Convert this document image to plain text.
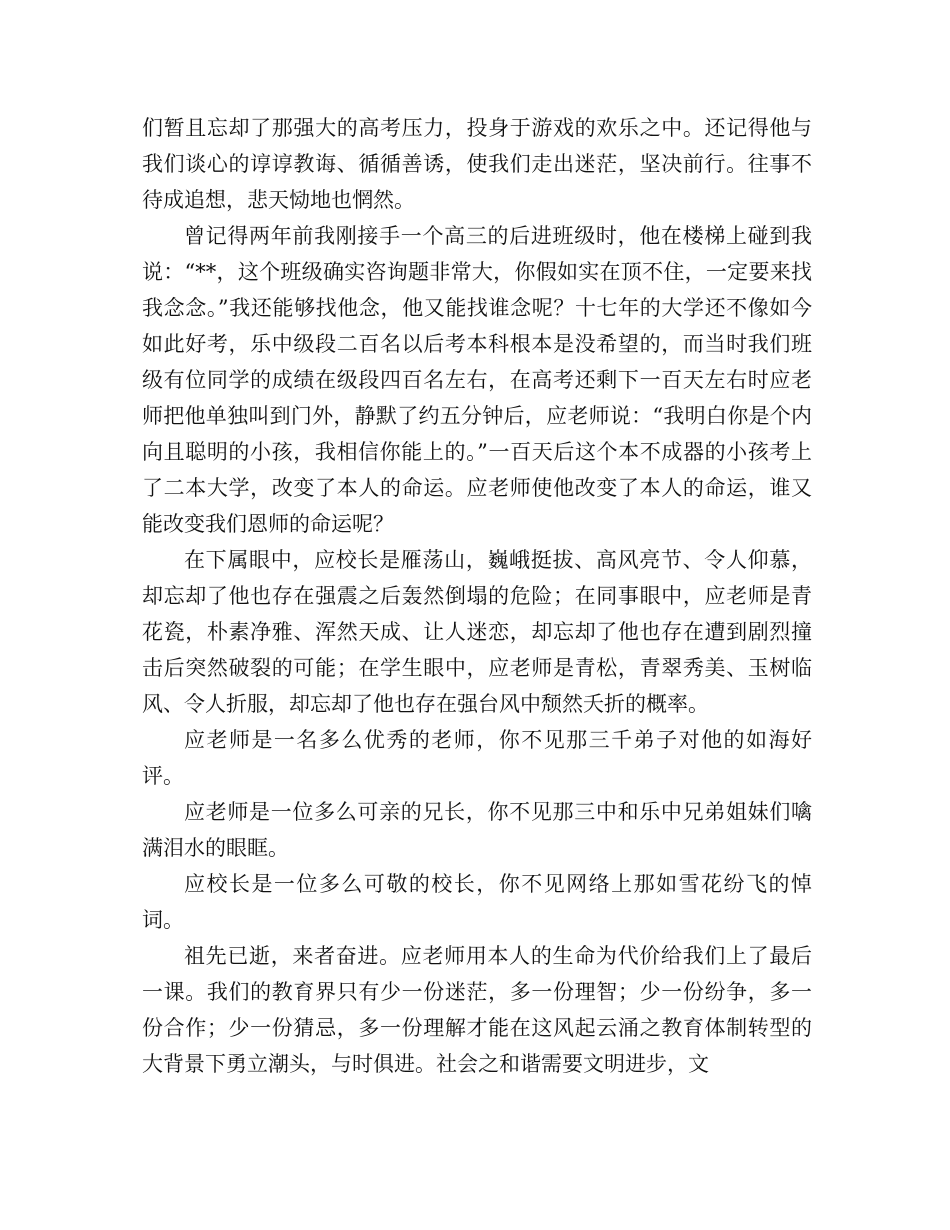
们暂且忘却了那强大的高考压力，投身于游戏的欢乐之中。还记得他与我们谈心的谆谆教诲、循循善诱，使我们走出迷茫，坚决前行。往事不待成追想，悲天恸地也惘然。

曾记得两年前我刚接手一个高三的后进班级时，他在楼梯上碰到我说：“**，这个班级确实咨询题非常大，你假如实在顶不住，一定要来找我念念。”我还能够找他念，他又能找谁念呢？十七年的大学还不像如今如此好考，乐中级段二百名以后考本科根本是没希望的，而当时我们班级有位同学的成绩在级段四百名左右，在高考还剩下一百天左右时应老师把他单独叫到门外，静默了约五分钟后，应老师说：“我明白你是个内向且聪明的小孩，我相信你能上的。”一百天后这个本不成器的小孩考上了二本大学，改变了本人的命运。应老师使他改变了本人的命运，谁又能改变我们恩师的命运呢？

在下属眼中，应校长是雁荡山，巍峨挺拔、高风亮节、令人仰慕，却忘却了他也存在强震之后轰然倒塌的危险；在同事眼中，应老师是青花瓷，朴素净雅、浑然天成、让人迷恋，却忘却了他也存在遭到剧烈撞击后突然破裂的可能；在学生眼中，应老师是青松，青翠秀美、玉树临风、令人折服，却忘却了他也存在强台风中颓然夭折的概率。

应老师是一名多么优秀的老师，你不见那三千弟子对他的如海好评。

应老师是一位多么可亲的兄长，你不见那三中和乐中兄弟姐妹们噙满泪水的眼眶。

应校长是一位多么可敬的校长，你不见网络上那如雪花纷飞的悼词。

祖先已逝，来者奋进。应老师用本人的生命为代价给我们上了最后一课。我们的教育界只有少一份迷茫，多一份理智；少一份纷争，多一份合作；少一份猜忌，多一份理解才能在这风起云涌之教育体制转型的大背景下勇立潮头，与时俱进。社会之和谐需要文明进步，文
